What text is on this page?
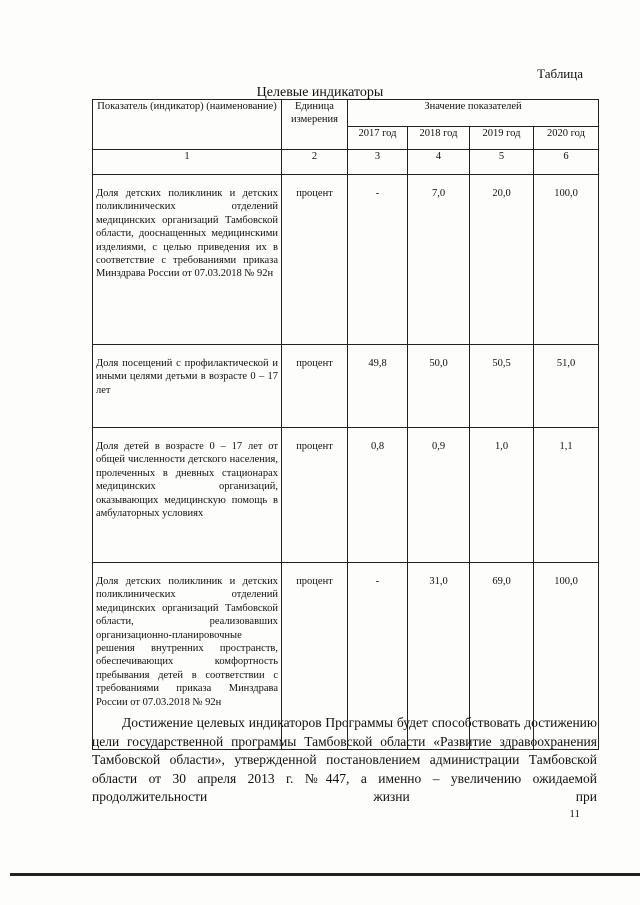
Таблица
Целевые индикаторы
Показатель (индикатор) (наименование)	Единица измерения	Значение показателей			
		2017 год	2018 год	2019 год	2020 год
1	2	3	4	5	6
Доля детских поликлиник и детских поликлинических отделений медицинских организаций Тамбовской области, дооснащенных медицинскими изделиями, с целью приведения их в соответствие с требованиями приказа Минздрава России от 07.03.2018 № 92н	процент	-	7,0	20,0	100,0
Доля посещений с профилактической и иными целями детьми в возрасте 0 – 17 лет	процент	49,8	50,0	50,5	51,0
Доля детей в возрасте 0 – 17 лет от общей численности детского населения, пролеченных в дневных стационарах медицинских организаций, оказывающих медицинскую помощь в амбулаторных условиях	процент	0,8	0,9	1,0	1,1
Доля детских поликлиник и детских поликлинических отделений медицинских организаций Тамбовской области, реализовавших организационно-планировочные решения внутренних пространств, обеспечивающих комфортность пребывания детей в соответствии с требованиями приказа Минздрава России от 07.03.2018 № 92н	процент	-	31,0	69,0	100,0

Достижение целевых индикаторов Программы будет способствовать достижению цели государственной программы Тамбовской области «Развитие здравоохранения Тамбовской области», утвержденной постановлением администрации Тамбовской области от 30 апреля 2013 г. №447, а именно – увеличению ожидаемой продолжительности жизни при

11
